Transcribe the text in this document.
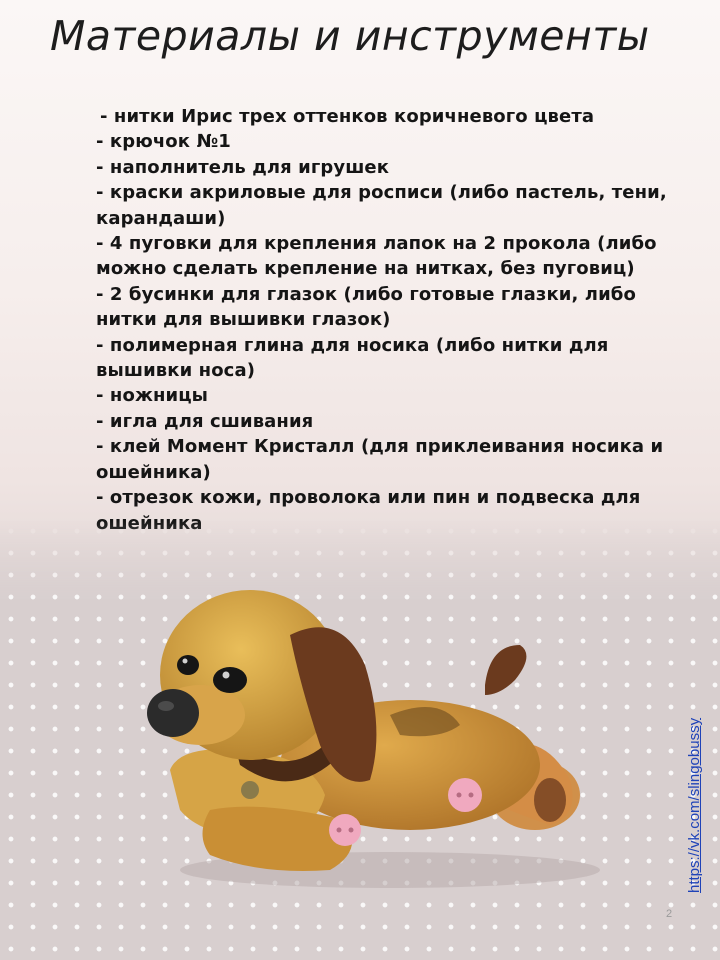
Материалы и инструменты
- нитки Ирис трех оттенков коричневого цвета
- крючок №1
- наполнитель для игрушек
- краски акриловые для росписи (либо пастель, тени, карандаши)
- 4 пуговки для крепления лапок на 2 прокола (либо можно сделать крепление на нитках, без пуговиц)
- 2 бусинки для глазок (либо готовые глазки, либо нитки для вышивки глазок)
- полимерная глина для носика (либо нитки для вышивки носа)
- ножницы
- игла для сшивания
- клей Момент Кристалл (для приклеивания носика и ошейника)
- отрезок кожи, проволока или пин и подвеска для
https://vk.com/slingobussy
2
